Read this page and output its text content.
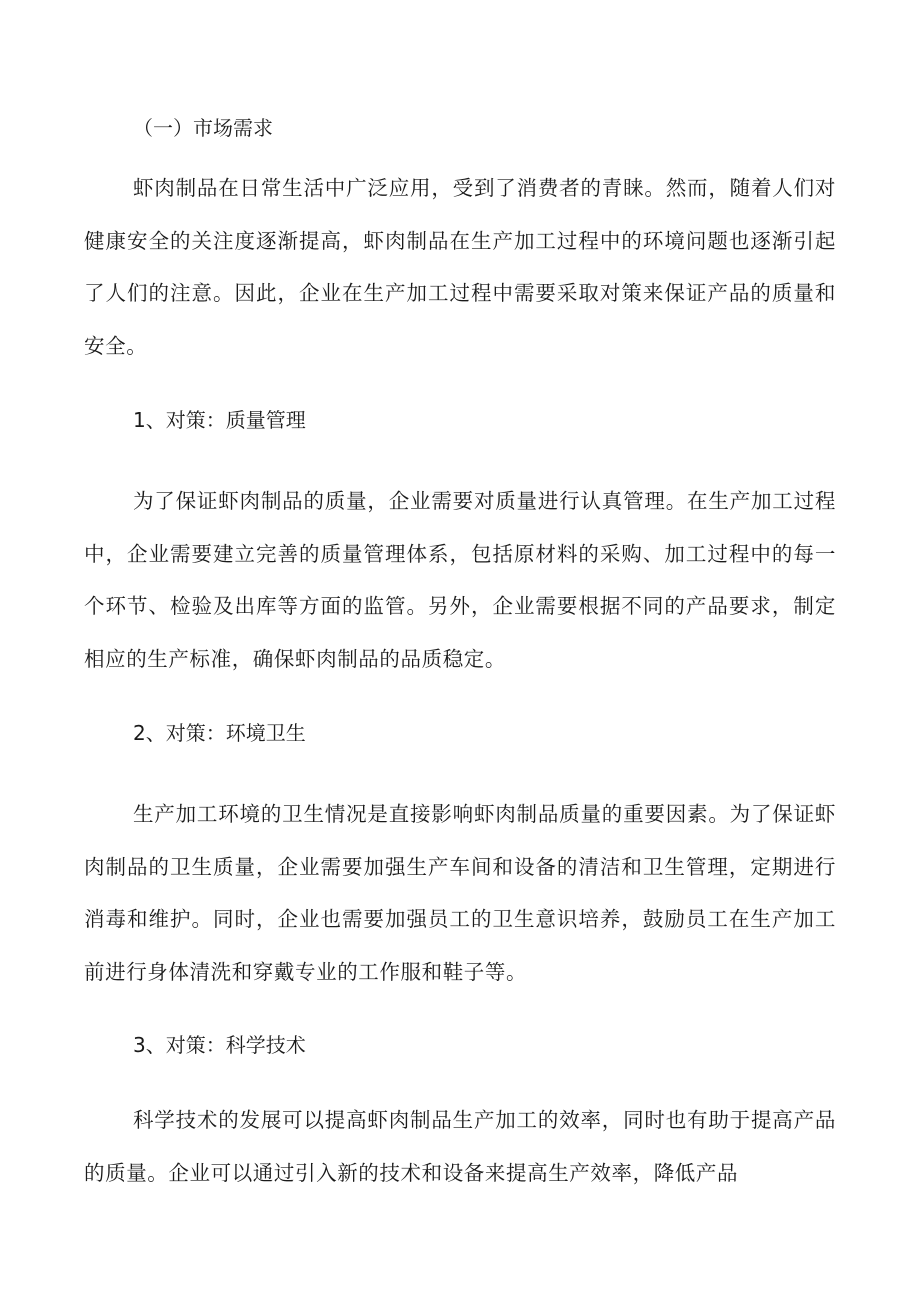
（一）市场需求

虾肉制品在日常生活中广泛应用，受到了消费者的青睐。然而，随着人们对健康安全的关注度逐渐提高，虾肉制品在生产加工过程中的环境问题也逐渐引起了人们的注意。因此，企业在生产加工过程中需要采取对策来保证产品的质量和安全。

1、对策：质量管理

为了保证虾肉制品的质量，企业需要对质量进行认真管理。在生产加工过程中，企业需要建立完善的质量管理体系，包括原材料的采购、加工过程中的每一个环节、检验及出库等方面的监管。另外，企业需要根据不同的产品要求，制定相应的生产标准，确保虾肉制品的品质稳定。

2、对策：环境卫生

生产加工环境的卫生情况是直接影响虾肉制品质量的重要因素。为了保证虾肉制品的卫生质量，企业需要加强生产车间和设备的清洁和卫生管理，定期进行消毒和维护。同时，企业也需要加强员工的卫生意识培养，鼓励员工在生产加工前进行身体清洗和穿戴专业的工作服和鞋子等。

3、对策：科学技术

科学技术的发展可以提高虾肉制品生产加工的效率，同时也有助于提高产品的质量。企业可以通过引入新的技术和设备来提高生产效率，降低产品
